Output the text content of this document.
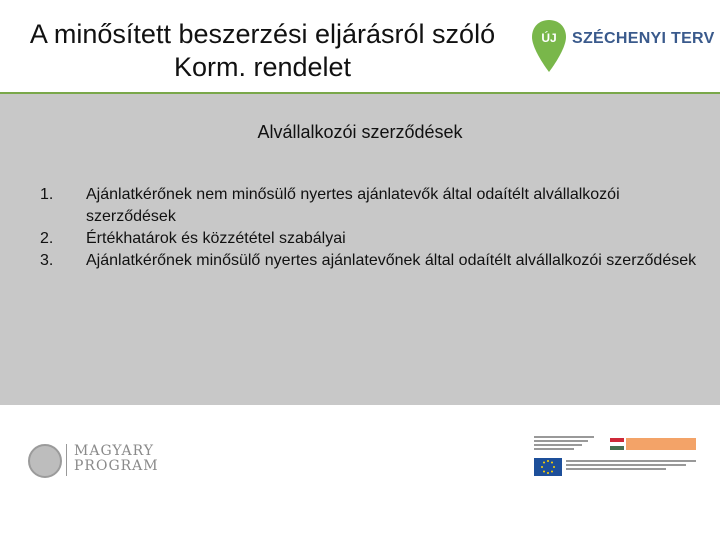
A minősített beszerzési eljárásról szóló
Korm. rendelet
ÚJ SZÉCHENYI TERV
Alvállalkozói szerződések
1.	Ajánlatkérőnek nem minősülő nyertes ajánlatevők által odaítélt alvállalkozói szerződések
2.	Értékhatárok és közzététel szabályai
3.	Ajánlatkérőnek minősülő nyertes ajánlatevőnek által odaítélt alvállalkozói szerződések
MAGYARY
PROGRAM
